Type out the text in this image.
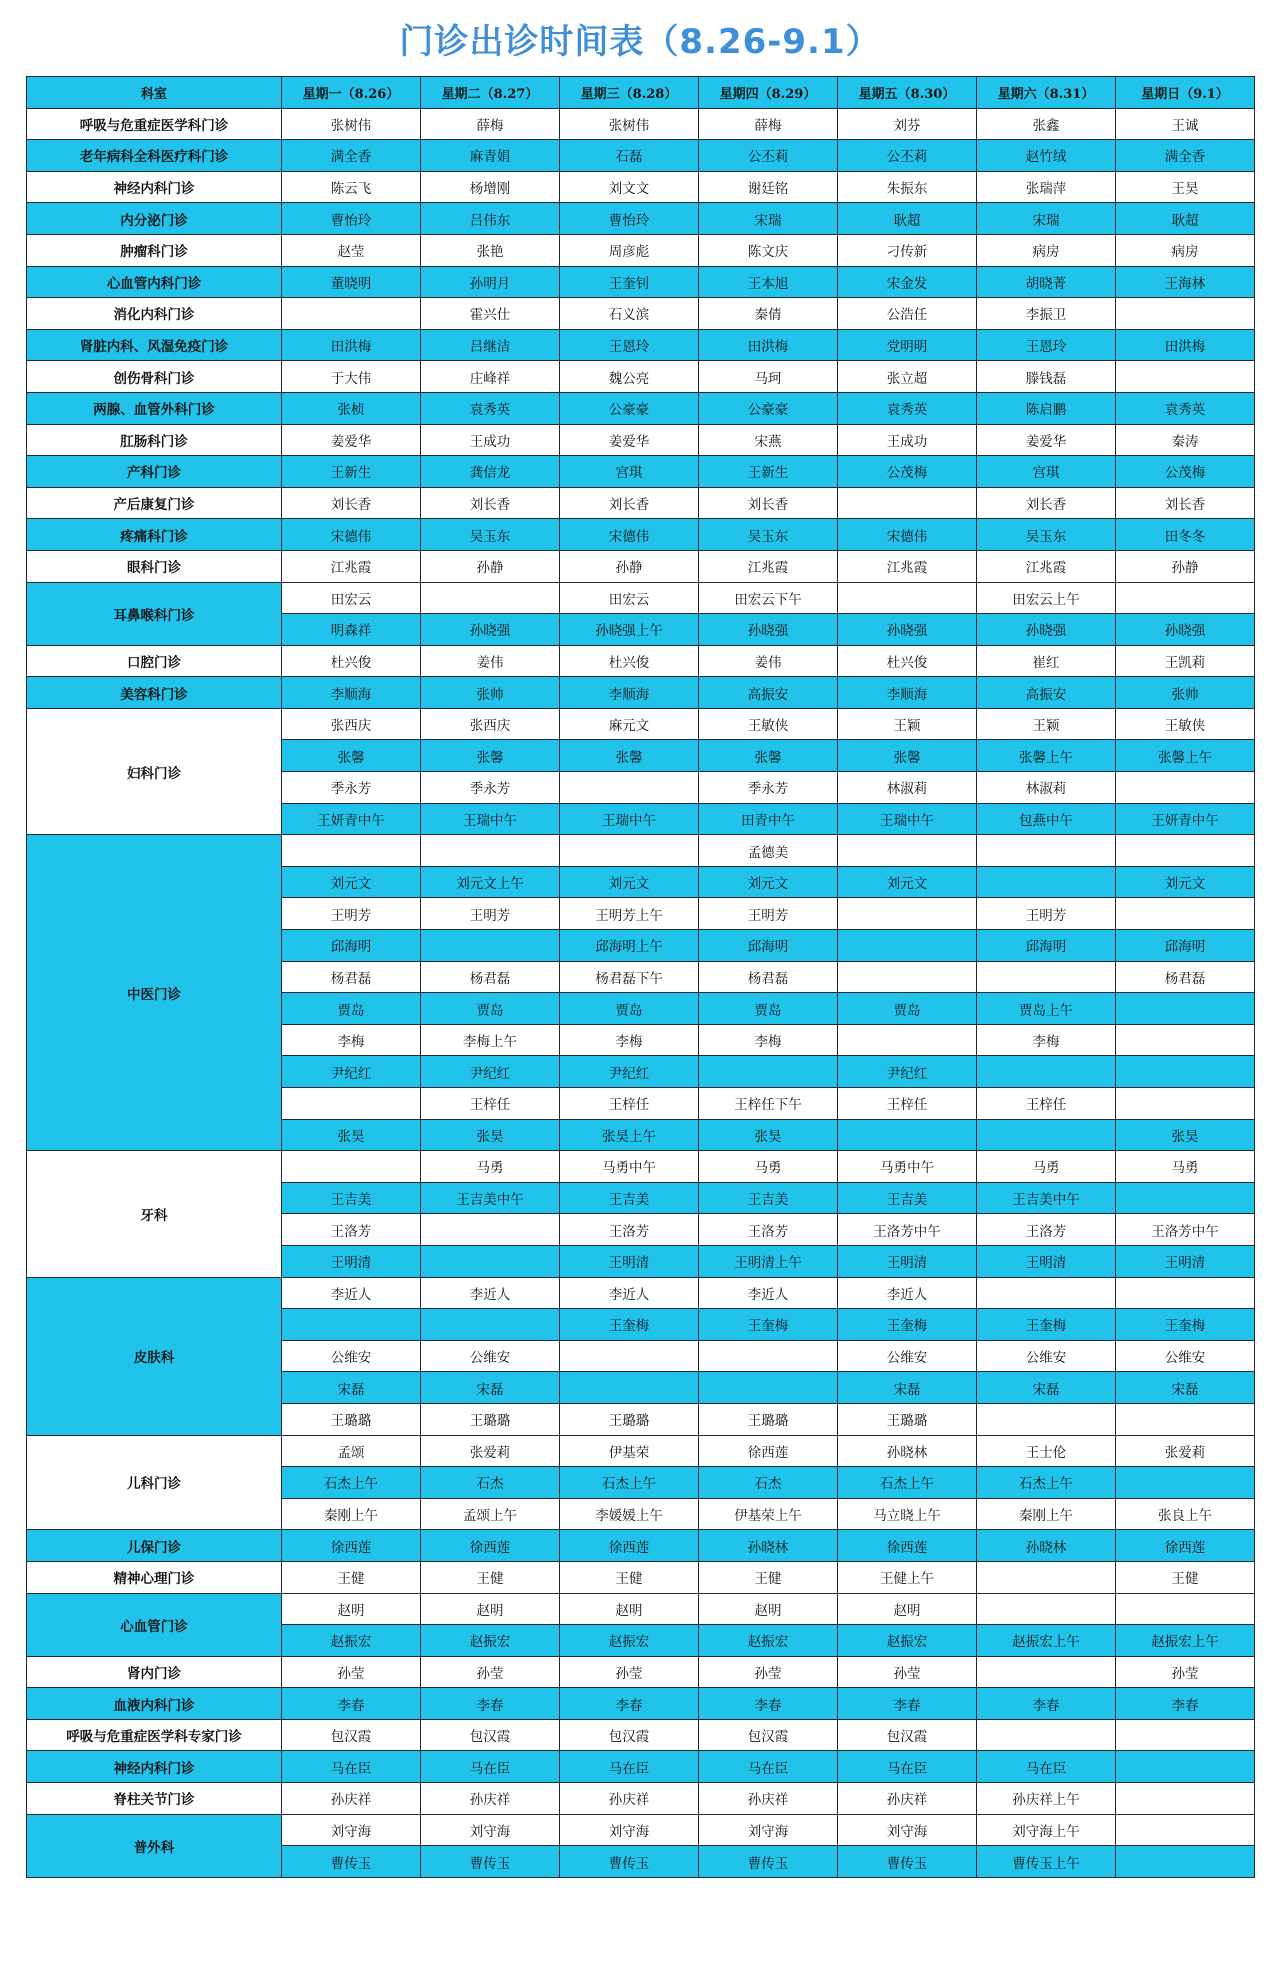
门诊出诊时间表（8.26-9.1）
科室	星期一（8.26）	星期二（8.27）	星期三（8.28）	星期四（8.29）	星期五（8.30）	星期六（8.31）	星期日（9.1）
呼吸与危重症医学科门诊	张树伟	薛梅	张树伟	薛梅	刘芬	张鑫	王诚
老年病科全科医疗科门诊	满全香	麻青娟	石磊	公丕莉	公丕莉	赵竹绒	满全香
神经内科门诊	陈云飞	杨增刚	刘文文	谢廷铭	朱振东	张瑞萍	王昊
内分泌门诊	曹怡玲	吕伟东	曹怡玲	宋瑞	耿超	宋瑞	耿超
肿瘤科门诊	赵莹	张艳	周彦彪	陈文庆	刁传新	病房	病房
心血管内科门诊	董晓明	孙明月	王奎钊	王本旭	宋金发	胡晓菁	王海林
消化内科门诊		霍兴仕	石义滨	秦倩	公浩任	李振卫	
肾脏内科、风湿免疫门诊	田洪梅	吕继洁	王恩玲	田洪梅	党明明	王恩玲	田洪梅
创伤骨科门诊	于大伟	庄峰祥	魏公亮	马珂	张立超	滕钱磊	
两腺、血管外科门诊	张桢	袁秀英	公豪豪	公豪豪	袁秀英	陈启鹏	袁秀英
肛肠科门诊	姜爱华	王成功	姜爱华	宋燕	王成功	姜爱华	秦涛
产科门诊	王新生	龚信龙	宫琪	王新生	公茂梅	宫琪	公茂梅
产后康复门诊	刘长香	刘长香	刘长香	刘长香		刘长香	刘长香
疼痛科门诊	宋德伟	吴玉东	宋德伟	吴玉东	宋德伟	吴玉东	田冬冬
眼科门诊	江兆霞	孙静	孙静	江兆霞	江兆霞	江兆霞	孙静
耳鼻喉科门诊	田宏云		田宏云	田宏云下午		田宏云上午	
	明森祥	孙晓强	孙晓强上午	孙晓强	孙晓强	孙晓强	孙晓强
口腔门诊	杜兴俊	姜伟	杜兴俊	姜伟	杜兴俊	崔红	王凯莉
美容科门诊	李顺海	张帅	李顺海	高振安	李顺海	高振安	张帅
妇科门诊	张西庆	张西庆	麻元文	王敏侠	王颖	王颖	王敏侠
	张馨	张馨	张馨	张馨	张馨	张馨上午	张馨上午
	季永芳	季永芳		季永芳	林淑莉	林淑莉	
	王妍青中午	王瑞中午	王瑞中午	田青中午	王瑞中午	包燕中午	王妍青中午
中医门诊				孟德美			
	刘元文	刘元文上午	刘元文	刘元文	刘元文		刘元文
	王明芳	王明芳	王明芳上午	王明芳		王明芳	
	邱海明		邱海明上午	邱海明		邱海明	邱海明
	杨君磊	杨君磊	杨君磊下午	杨君磊			杨君磊
	贾岛	贾岛	贾岛	贾岛	贾岛	贾岛上午	
	李梅	李梅上午	李梅	李梅		李梅	
	尹纪红	尹纪红	尹纪红		尹纪红		
		王梓任	王梓任	王梓任下午	王梓任	王梓任	
	张昊	张昊	张昊上午	张昊			张昊
牙科		马勇	马勇中午	马勇	马勇中午	马勇	马勇
	王吉美	王吉美中午	王吉美	王吉美	王吉美	王吉美中午	
	王洛芳		王洛芳	王洛芳	王洛芳中午	王洛芳	王洛芳中午
	王明清		王明清	王明清上午	王明清	王明清	王明清
皮肤科	李近人	李近人	李近人	李近人	李近人		
			王奎梅	王奎梅	王奎梅	王奎梅	王奎梅
	公维安	公维安			公维安	公维安	公维安
	宋磊	宋磊			宋磊	宋磊	宋磊
	王璐璐	王璐璐	王璐璐	王璐璐	王璐璐		
儿科门诊	孟颂	张爱莉	伊基荣	徐西莲	孙晓林	王士伦	张爱莉
	石杰上午	石杰	石杰上午	石杰	石杰上午	石杰上午	
	秦刚上午	孟颂上午	李媛媛上午	伊基荣上午	马立晓上午	秦刚上午	张良上午
儿保门诊	徐西莲	徐西莲	徐西莲	孙晓林	徐西莲	孙晓林	徐西莲
精神心理门诊	王健	王健	王健	王健	王健上午		王健
心血管门诊	赵明	赵明	赵明	赵明	赵明		
	赵振宏	赵振宏	赵振宏	赵振宏	赵振宏	赵振宏上午	赵振宏上午
肾内门诊	孙莹	孙莹	孙莹	孙莹	孙莹		孙莹
血液内科门诊	李春	李春	李春	李春	李春	李春	李春
呼吸与危重症医学科专家门诊	包汉霞	包汉霞	包汉霞	包汉霞	包汉霞		
神经内科门诊	马在臣	马在臣	马在臣	马在臣	马在臣	马在臣	
脊柱关节门诊	孙庆祥	孙庆祥	孙庆祥	孙庆祥	孙庆祥	孙庆祥上午	
普外科	刘守海	刘守海	刘守海	刘守海	刘守海	刘守海上午	
	曹传玉	曹传玉	曹传玉	曹传玉	曹传玉	曹传玉上午	
